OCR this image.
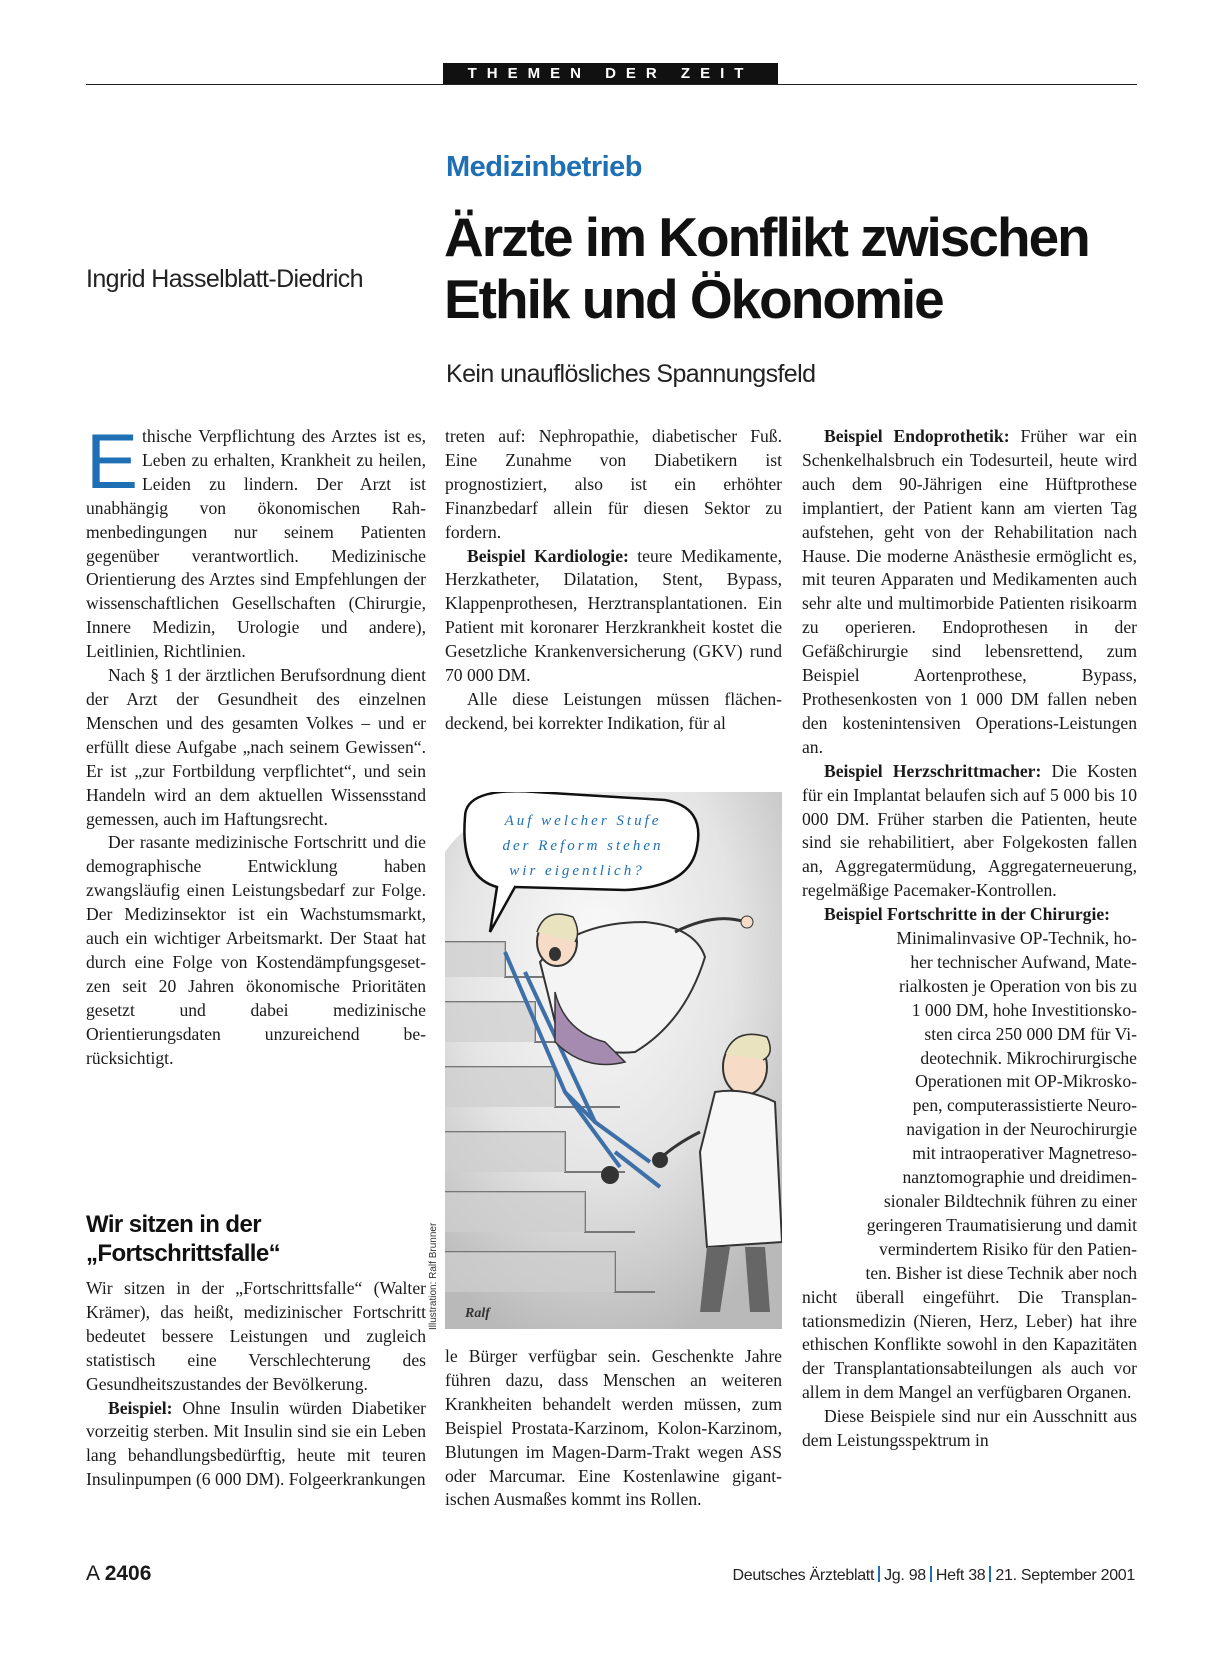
THEMEN DER ZEIT
Medizinbetrieb
Ärzte im Konflikt zwischen
Ethik und Ökonomie
Kein unauflösliches Spannungsfeld
Ingrid Hasselblatt-Diedrich

Ethische Verpflichtung des Arztes ist es, Leben zu erhalten, Krankheit zu heilen, Leiden zu lindern. Der Arzt ist unabhängig von ökonomischen Rahmenbedingungen nur seinem Patienten gegenüber verantwortlich. Medizinische Orientierung des Arztes sind Empfehlungen der wissenschaftlichen Gesellschaften (Chirurgie, Innere Medizin, Urologie und andere), Leitlinien, Richtlinien.

Nach § 1 der ärztlichen Berufsordnung dient der Arzt der Gesundheit des einzelnen Menschen und des gesamten Volkes – und er erfüllt diese Aufgabe „nach seinem Gewissen“. Er ist „zur Fortbildung verpflichtet“, und sein Handeln wird an dem aktuellen Wissensstand gemessen, auch im Haftungsrecht.

Der rasante medizinische Fortschritt und die demographische Entwicklung haben zwangsläufig einen Leistungsbedarf zur Folge. Der Medizinsektor ist ein Wachstumsmarkt, auch ein wichtiger Arbeitsmarkt. Der Staat hat durch eine Folge von Kostendämpfungsgesetzen seit 20 Jahren ökonomische Prioritäten gesetzt und dabei medizinische Orientierungsdaten unzureichend berücksichtigt.

Wir sitzen in der
„Fortschrittsfalle“

Wir sitzen in der „Fortschrittsfalle“ (Walter Krämer), das heißt, medizinischer Fortschritt bedeutet bessere Leistungen und zugleich statistisch eine Verschlechterung des Gesundheitszustandes der Bevölkerung.

Beispiel: Ohne Insulin würden Diabetiker vorzeitig sterben. Mit Insulin sind sie ein Leben lang behandlungsbedürftig, heute mit teuren Insulinpumpen (6 000 DM). Folgeerkrankungen

treten auf: Nephropathie, diabetischer Fuß. Eine Zunahme von Diabetikern ist prognostiziert, also ist ein erhöhter Finanzbedarf allein für diesen Sektor zu fordern.

Beispiel Kardiologie: teure Medikamente, Herzkatheter, Dilatation, Stent, Bypass, Klappenprothesen, Herztransplantationen. Ein Patient mit koronarer Herzkrankheit kostet die Gesetzliche Krankenversicherung (GKV) rund 70 000 DM.

Alle diese Leistungen müssen flächendeckend, bei korrekter Indikation, für al

Auf welcher Stufe
der Reform stehen
wir eigentlich?
Ralf
Illustration: Ralf Brunner

le Bürger verfügbar sein. Geschenkte Jahre führen dazu, dass Menschen an weiteren Krankheiten behandelt werden müssen, zum Beispiel Prostata-Karzinom, Kolon-Karzinom, Blutungen im Magen-Darm-Trakt wegen ASS oder Marcumar. Eine Kostenlawine gigantischen Ausmaßes kommt ins Rollen.

Beispiel Endoprothetik: Früher war ein Schenkelhalsbruch ein Todesurteil, heute wird auch dem 90-Jährigen eine Hüftprothese implantiert, der Patient kann am vierten Tag aufstehen, geht von der Rehabilitation nach Hause. Die moderne Anästhesie ermöglicht es, mit teuren Apparaten und Medikamenten auch sehr alte und multimorbide Patienten risikoarm zu operieren. Endoprothesen in der Gefäßchirurgie sind lebensrettend, zum Beispiel Aortenprothese, Bypass, Prothesenkosten von 1 000 DM fallen neben den kostenintensiven Operations-Leistungen an.

Beispiel Herzschrittmacher: Die Kosten für ein Implantat belaufen sich auf 5 000 bis 10 000 DM. Früher starben die Patienten, heute sind sie rehabilitiert, aber Folgekosten fallen an, Aggregatermüdung, Aggregaterneuerung, regelmäßige Pacemaker-Kontrollen.

Beispiel Fortschritte in der Chirurgie:

Minimalinvasive OP-Technik, ho-
her technischer Aufwand, Mate-
rialkosten je Operation von bis zu
1 000 DM, hohe Investitionsko-
sten circa 250 000 DM für Vi-
deotechnik. Mikrochirurgische
Operationen mit OP-Mikrosko-
pen, computerassistierte Neuro-
navigation in der Neurochirurgie
mit intraoperativer Magnetreso-
nanztomographie und dreidimen-
sionaler Bildtechnik führen zu einer
geringeren Traumatisierung und damit
vermindertem Risiko für den Patien-
ten. Bisher ist diese Technik aber noch

nicht überall eingeführt. Die Transplantationsmedizin (Nieren, Herz, Leber) hat ihre ethischen Konflikte sowohl in den Kapazitäten der Transplantationsabteilungen als auch vor allem in dem Mangel an verfügbaren Organen.

Diese Beispiele sind nur ein Ausschnitt aus dem Leistungsspektrum in

A 2406	Deutsches Ärzteblatt Jg. 98 Heft 38 21. September 2001
